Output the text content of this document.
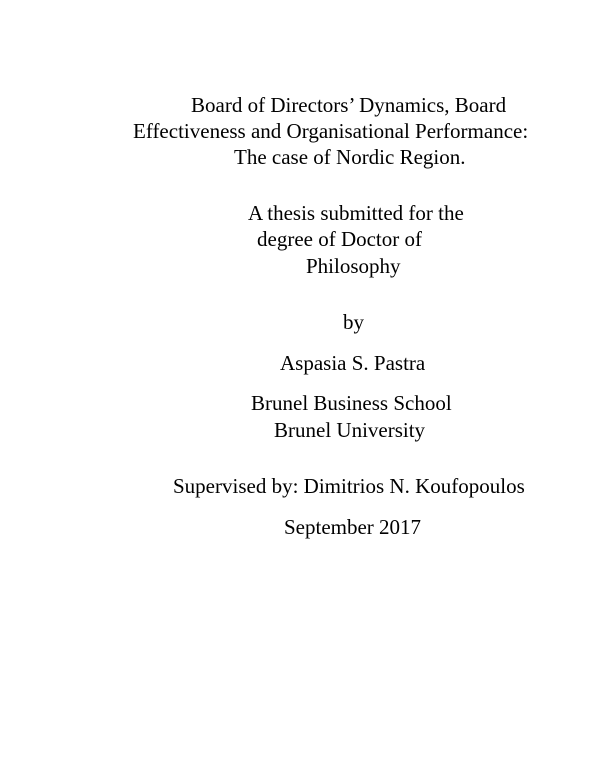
Board of Directors’ Dynamics, Board
Effectiveness and Organisational Performance:
The case of Nordic Region.
A thesis submitted for the
degree of Doctor of
Philosophy
by
Aspasia S. Pastra
Brunel Business School
Brunel University
Supervised by: Dimitrios N. Koufopoulos
September 2017
